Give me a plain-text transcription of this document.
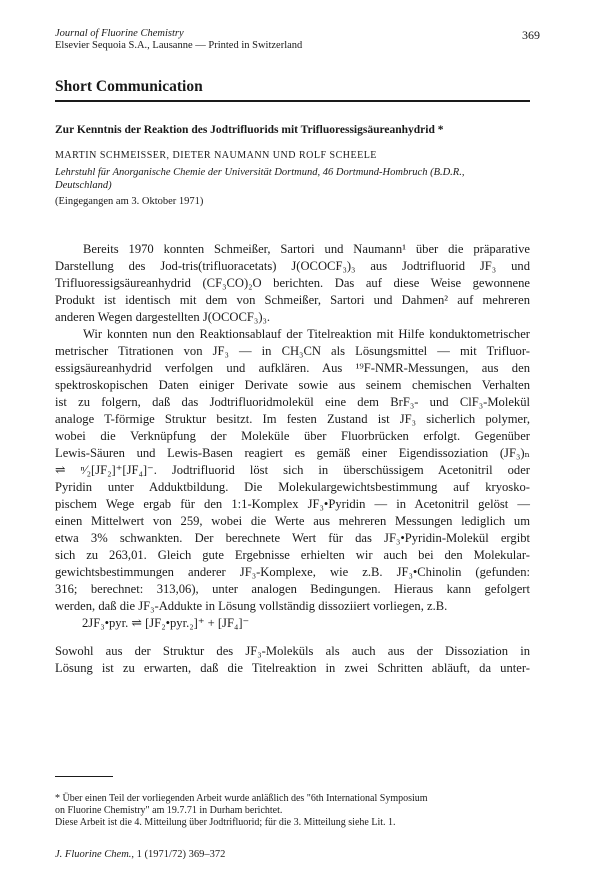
Journal of Fluorine Chemistry
Elsevier Sequoia S.A., Lausanne — Printed in Switzerland
369
Short Communication
Zur Kenntnis der Reaktion des Jodtrifluorids mit Trifluoressigsäureanhydrid *
MARTIN SCHMEISSER, DIETER NAUMANN UND ROLF SCHEELE
Lehrstuhl für Anorganische Chemie der Universität Dortmund, 46 Dortmund-Hombruch (B.D.R.,
Deutschland)
(Eingegangen am 3. Oktober 1971)
Bereits 1970 konnten Schmeißer, Sartori und Naumann¹ über die präparative
Darstellung des Jod-tris(trifluoracetats) J(OCOCF₃)₃ aus Jodtrifluorid JF₃ und
Trifluoressigsäureanhydrid (CF₃CO)₂O berichten. Das auf diese Weise gewonnene
Produkt ist identisch mit dem von Schmeißer, Sartori und Dahmen² auf mehreren
anderen Wegen dargestellten J(OCOCF₃)₃.
Wir konnten nun den Reaktionsablauf der Titelreaktion mit Hilfe konduktometrischer
metrischer Titrationen von JF₃ — in CH₃CN als Lösungsmittel — mit Trifluor-
essigsäureanhydrid verfolgen und aufklären. Aus ¹⁹F-NMR-Messungen, aus den
spektroskopischen Daten einiger Derivate sowie aus seinem chemischen Verhalten
ist zu folgern, daß das Jodtrifluoridmolekül eine dem BrF₃- und ClF₃-Molekül
analoge T-förmige Struktur besitzt. Im festen Zustand ist JF₃ sicherlich polymer,
wobei die Verknüpfung der Moleküle über Fluorbrücken erfolgt. Gegenüber
Lewis-Säuren und Lewis-Basen reagiert es gemäß einer Eigendissoziation (JF₃)ₙ
⇌ ⁿ⁄₂[JF₂]⁺[JF₄]⁻. Jodtrifluorid löst sich in überschüssigem Acetonitril oder
Pyridin unter Adduktbildung. Die Molekulargewichtsbestimmung auf kryosko-
pischem Wege ergab für den 1:1-Komplex JF₃•Pyridin — in Acetonitril gelöst —
einen Mittelwert von 259, wobei die Werte aus mehreren Messungen lediglich um
etwa 3% schwankten. Der berechnete Wert für das JF₃•Pyridin-Molekül ergibt
sich zu 263,01. Gleich gute Ergebnisse erhielten wir auch bei den Molekular-
gewichtsbestimmungen anderer JF₃-Komplexe, wie z.B. JF₃•Chinolin (gefunden:
316; berechnet: 313,06), unter analogen Bedingungen. Hieraus kann gefolgert
werden, daß die JF₃-Addukte in Lösung vollständig dissoziiert vorliegen, z.B.
2JF₃•pyr. ⇌ [JF₂•pyr.₂]⁺ + [JF₄]⁻
Sowohl aus der Struktur des JF₃-Moleküls als auch aus der Dissoziation in
Lösung ist zu erwarten, daß die Titelreaktion in zwei Schritten abläuft, da unter-
* Über einen Teil der vorliegenden Arbeit wurde anläßlich des "6th International Symposium
on Fluorine Chemistry" am 19.7.71 in Durham berichtet.
Diese Arbeit ist die 4. Mitteilung über Jodtrifluorid; für die 3. Mitteilung siehe Lit. 1.
J. Fluorine Chem., 1 (1971/72) 369–372
